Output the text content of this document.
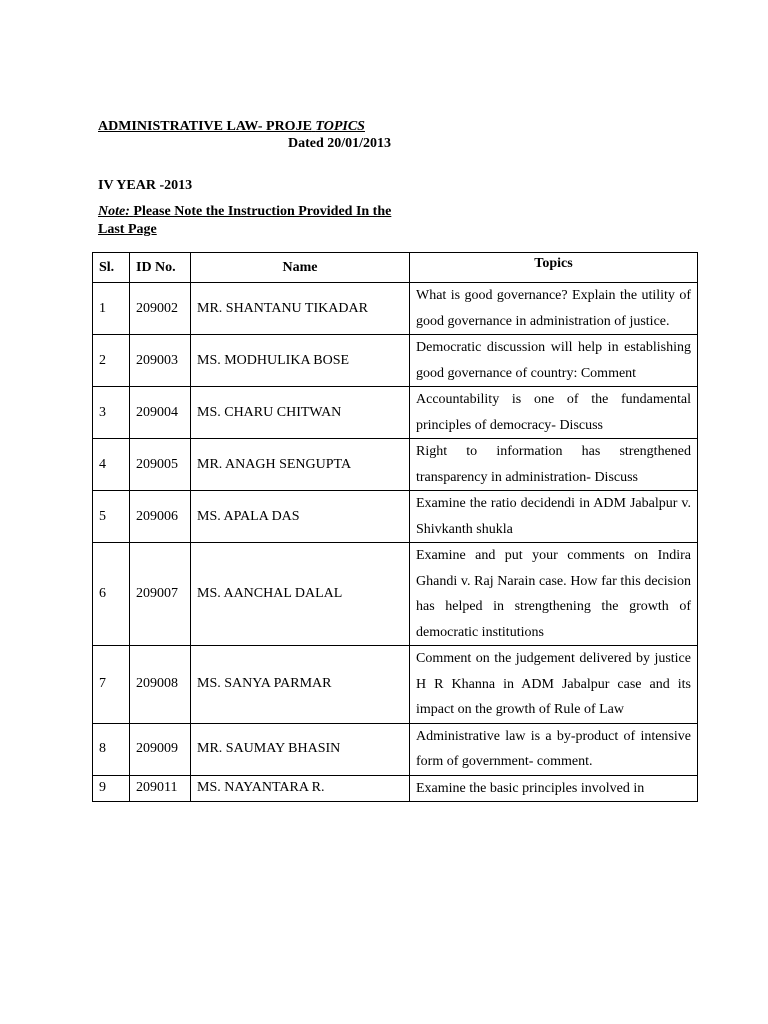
ADMINISTRATIVE LAW- PROJE TOPICS
Dated 20/01/2013
IV YEAR -2013
Note: Please Note the Instruction Provided In the Last Page
Sl.	ID No.	Name	Topics
1	209002	MR. SHANTANU TIKADAR	What is good governance? Explain the utility of good governance in administration of justice.
2	209003	MS. MODHULIKA BOSE	Democratic discussion will help in establishing good governance of country: Comment
3	209004	MS. CHARU CHITWAN	Accountability is one of the fundamental principles of democracy- Discuss
4	209005	MR. ANAGH SENGUPTA	Right to information has strengthened transparency in administration- Discuss
5	209006	MS. APALA DAS	Examine the ratio decidendi in ADM Jabalpur v. Shivkanth shukla
6	209007	MS. AANCHAL DALAL	Examine and put your comments on Indira Ghandi v. Raj Narain case. How far this decision has helped in strengthening the growth of democratic institutions
7	209008	MS. SANYA PARMAR	Comment on the judgement delivered by justice H R Khanna in ADM Jabalpur case and its impact on the growth of Rule of Law
8	209009	MR. SAUMAY BHASIN	Administrative law is a by-product of intensive form of government- comment.
9	209011	MS. NAYANTARA R.	Examine the basic principles involved in
